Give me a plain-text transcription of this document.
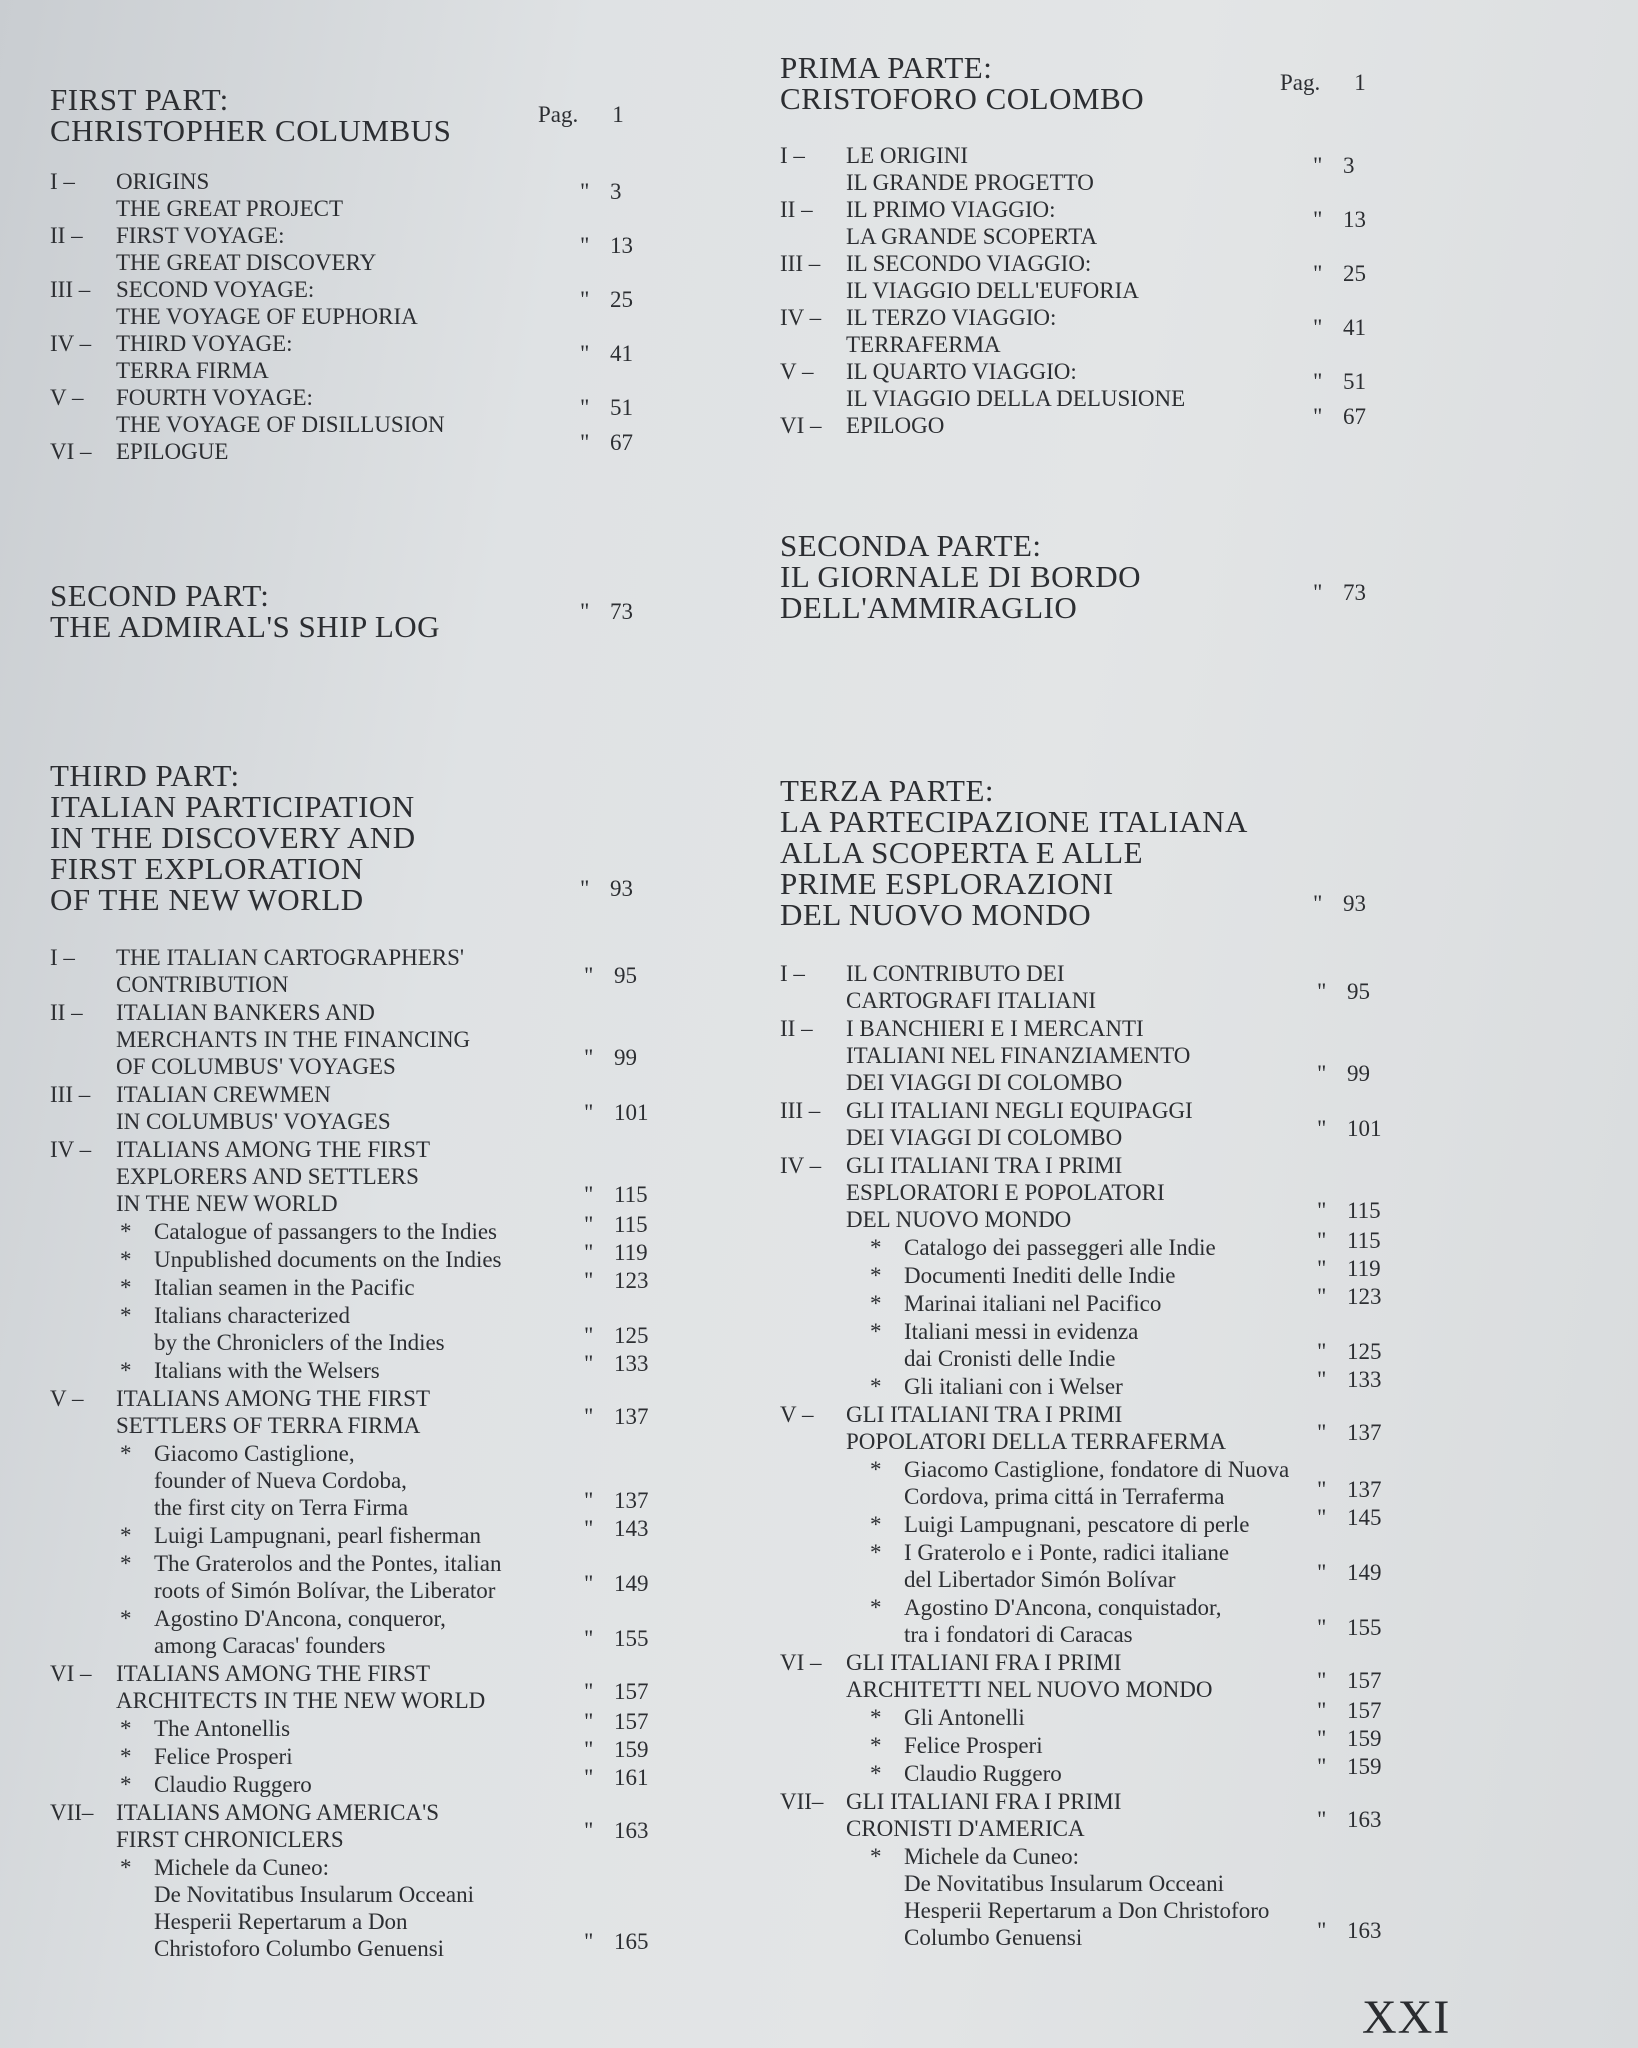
FIRST PART:
CHRISTOPHER COLUMBUS	Pag. 1
I –	ORIGINS
THE GREAT PROJECT
" 3
II –	FIRST VOYAGE:
THE GREAT DISCOVERY
" 13
III –	SECOND VOYAGE:
THE VOYAGE OF EUPHORIA
" 25
IV –	THIRD VOYAGE:
TERRA FIRMA
" 41
V –	FOURTH VOYAGE:
THE VOYAGE OF DISILLUSION
" 51
VI –	EPILOGUE	" 67
SECOND PART:
THE ADMIRAL'S SHIP LOG	" 73
THIRD PART:
ITALIAN PARTICIPATION
IN THE DISCOVERY AND
FIRST EXPLORATION
OF THE NEW WORLD	" 93
I –	THE ITALIAN CARTOGRAPHERS'
CONTRIBUTION	" 95
II –	ITALIAN BANKERS AND
MERCHANTS IN THE FINANCING
OF COLUMBUS' VOYAGES	" 99
III –	ITALIAN CREWMEN
IN COLUMBUS' VOYAGES	" 101
IV –	ITALIANS AMONG THE FIRST
EXPLORERS AND SETTLERS
IN THE NEW WORLD	" 115
* Catalogue of passangers to the Indies	" 115
* Unpublished documents on the Indies	" 119
* Italian seamen in the Pacific	" 123
* Italians characterized
by the Chroniclers of the Indies	" 125
* Italians with the Welsers	" 133
V –	ITALIANS AMONG THE FIRST
SETTLERS OF TERRA FIRMA	" 137
* Giacomo Castiglione,
founder of Nueva Cordoba,
the first city on Terra Firma	" 137
* Luigi Lampugnani, pearl fisherman	" 143
* The Graterolos and the Pontes, italian
roots of Simón Bolívar, the Liberator	" 149
* Agostino D'Ancona, conqueror,
among Caracas' founders	" 155
VI –	ITALIANS AMONG THE FIRST
ARCHITECTS IN THE NEW WORLD	" 157
* The Antonellis	" 157
* Felice Prosperi	" 159
* Claudio Ruggero	" 161
VII– ITALIANS AMONG AMERICA'S
FIRST CHRONICLERS	" 163
* Michele da Cuneo:
De Novitatibus Insularum Occeani
Hesperii Repertarum a Don
Christoforo Columbo Genuensi	" 165
PRIMA PARTE:
CRISTOFORO COLOMBO	Pag. 1
I –	LE ORIGINI
IL GRANDE PROGETTO
" 3
II –	IL PRIMO VIAGGIO:
LA GRANDE SCOPERTA
" 13
III –	IL SECONDO VIAGGIO:
IL VIAGGIO DELL'EUFORIA
" 25
IV –	IL TERZO VIAGGIO:
TERRAFERMA
" 41
V –	IL QUARTO VIAGGIO:
IL VIAGGIO DELLA DELUSIONE
" 51
VI –	EPILOGO	" 67
SECONDA PARTE:
IL GIORNALE DI BORDO
DELL'AMMIRAGLIO	" 73
TERZA PARTE:
LA PARTECIPAZIONE ITALIANA
ALLA SCOPERTA E ALLE
PRIME ESPLORAZIONI
DEL NUOVO MONDO	" 93
I –	IL CONTRIBUTO DEI
CARTOGRAFI ITALIANI	" 95
II –	I BANCHIERI E I MERCANTI
ITALIANI NEL FINANZIAMENTO
DEI VIAGGI DI COLOMBO	" 99
III –	GLI ITALIANI NEGLI EQUIPAGGI
DEI VIAGGI DI COLOMBO	" 101
IV –	GLI ITALIANI TRA I PRIMI
ESPLORATORI E POPOLATORI
DEL NUOVO MONDO	" 115
* Catalogo dei passeggeri alle Indie	" 115
* Documenti Inediti delle Indie	" 119
* Marinai italiani nel Pacifico	" 123
* Italiani messi in evidenza
dai Cronisti delle Indie	" 125
* Gli italiani con i Welser	" 133
V –	GLI ITALIANI TRA I PRIMI
POPOLATORI DELLA TERRAFERMA	" 137
* Giacomo Castiglione, fondatore di Nuova
Cordova, prima cittá in Terraferma	" 137
* Luigi Lampugnani, pescatore di perle	" 145
* I Graterolo e i Ponte, radici italiane
del Libertador Simón Bolívar	" 149
* Agostino D'Ancona, conquistador,
tra i fondatori di Caracas	" 155
VI –	GLI ITALIANI FRA I PRIMI
ARCHITETTI NEL NUOVO MONDO	" 157
* Gli Antonelli	" 157
* Felice Prosperi	" 159
* Claudio Ruggero	" 159
VII– GLI ITALIANI FRA I PRIMI
CRONISTI D'AMERICA	" 163
* Michele da Cuneo:
De Novitatibus Insularum Occeani
Hesperii Repertarum a Don Christoforo
Columbo Genuensi	" 163
XXI
